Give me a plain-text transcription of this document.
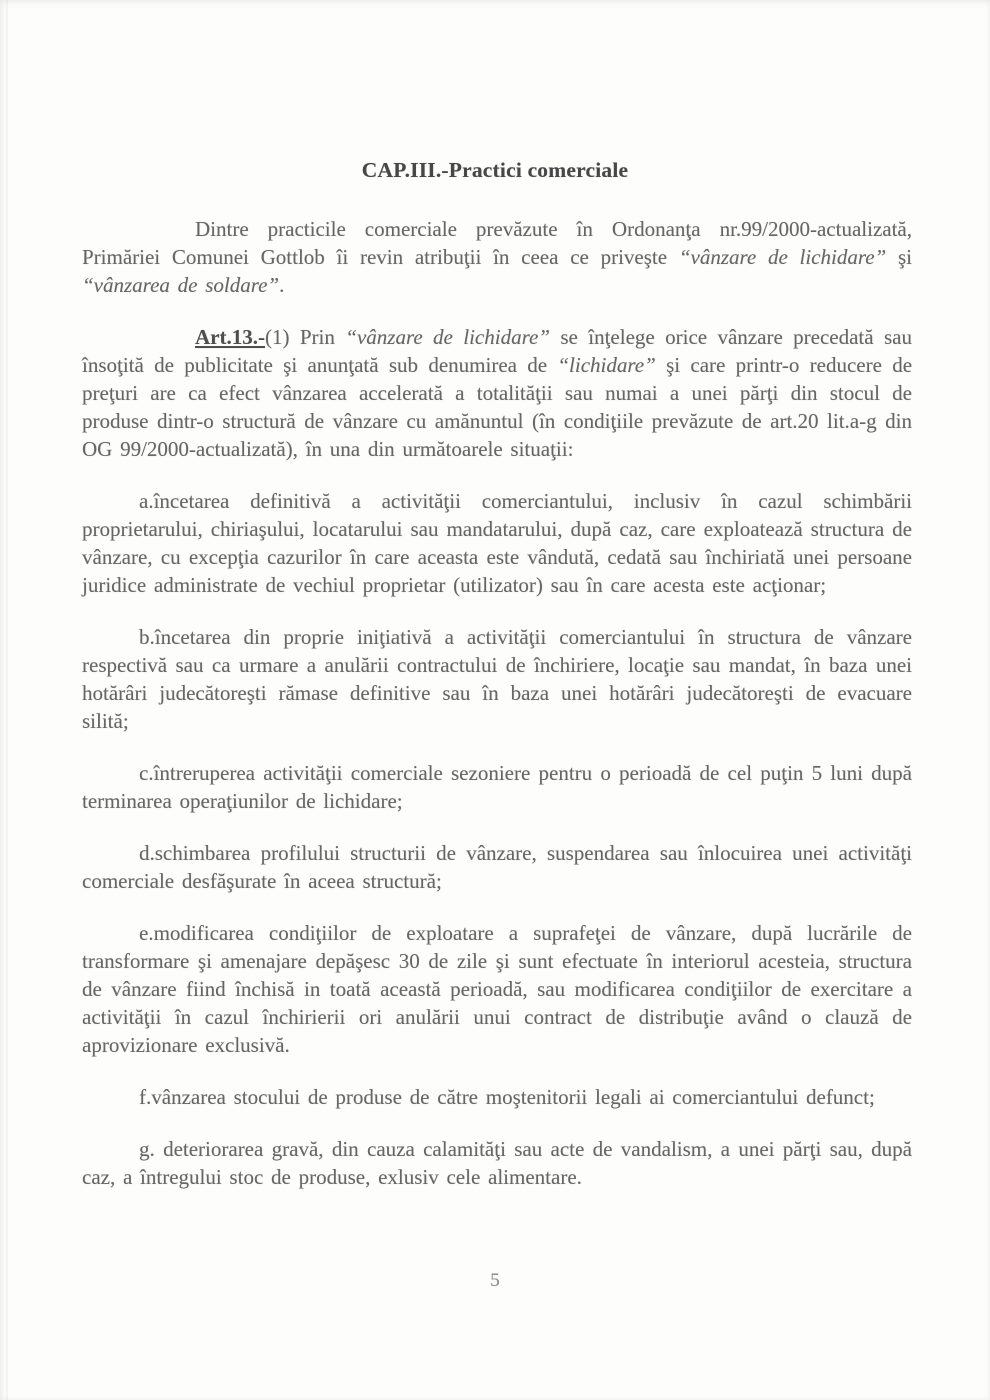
CAP.III.-Practici comerciale

Dintre practicile comerciale prevăzute în Ordonanţa nr.99/2000-actualizată, Primăriei Comunei Gottlob îi revin atribuţii în ceea ce priveşte “vânzare de lichidare” şi “vânzarea de soldare”.

Art.13.-(1) Prin “vânzare de lichidare” se înţelege orice vânzare precedată sau însoţită de publicitate şi anunţată sub denumirea de “lichidare” şi care printr-o reducere de preţuri are ca efect vânzarea accelerată a totalităţii sau numai a unei părţi din stocul de produse dintr-o structură de vânzare cu amănuntul (în condiţiile prevăzute de art.20 lit.a-g din OG 99/2000-actualizată), în una din următoarele situaţii:

a.încetarea definitivă a activităţii comerciantului, inclusiv în cazul schimbării proprietarului, chiriaşului, locatarului sau mandatarului, după caz, care exploatează structura de vânzare, cu excepţia cazurilor în care aceasta este vândută, cedată sau închiriată unei persoane juridice administrate de vechiul proprietar (utilizator) sau în care acesta este acţionar;

b.încetarea din proprie iniţiativă a activităţii comerciantului în structura de vânzare respectivă sau ca urmare a anulării contractului de închiriere, locaţie sau mandat, în baza unei hotărâri judecătoreşti rămase definitive sau în baza unei hotărâri judecătoreşti de evacuare silită;

c.întreruperea activităţii comerciale sezoniere pentru o perioadă de cel puţin 5 luni după terminarea operaţiunilor de lichidare;

d.schimbarea profilului structurii de vânzare, suspendarea sau înlocuirea unei activităţi comerciale desfăşurate în aceea structură;

e.modificarea condiţiilor de exploatare a suprafeţei de vânzare, după lucrările de transformare şi amenajare depăşesc 30 de zile şi sunt efectuate în interiorul acesteia, structura de vânzare fiind închisă in toată această perioadă, sau modificarea condiţiilor de exercitare a activităţii în cazul închirierii ori anulării unui contract de distribuţie având o clauză de aprovizionare exclusivă.

f.vânzarea stocului de produse de către moştenitorii legali ai comerciantului defunct;

g. deteriorarea gravă, din cauza calamităţi sau acte de vandalism, a unei părţi sau, după caz, a întregului stoc de produse, exlusiv cele alimentare.

5
